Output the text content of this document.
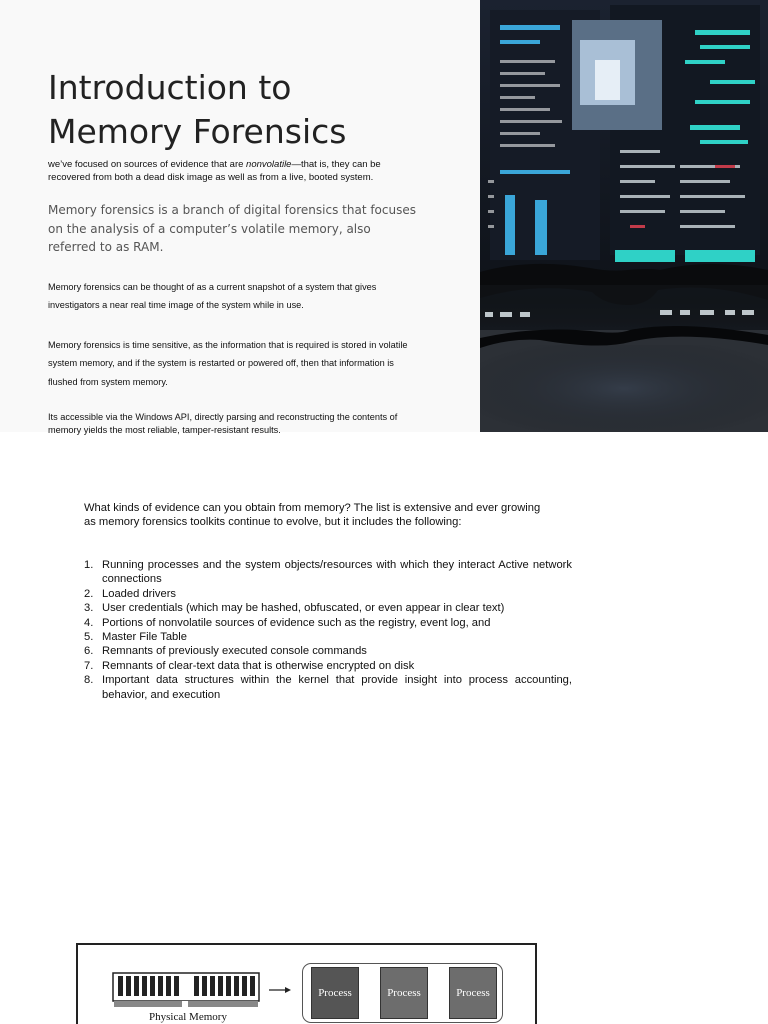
Introduction to
Memory Forensics

we’ve focused on sources of evidence that are nonvolatile—that is, they can be recovered from both a dead disk image as well as from a live, booted system.

Memory forensics is a branch of digital forensics that focuses on the analysis of a computer’s volatile memory, also referred to as RAM.

Memory forensics can be thought of as a current snapshot of a system that gives investigators a near real time image of the system while in use.

Memory forensics is time sensitive, as the information that is required is stored in volatile system memory, and if the system is restarted or powered off, then that information is flushed from system memory.

Its accessible via the Windows API, directly parsing and reconstructing the contents of memory yields the most reliable, tamper-resistant results.

What kinds of evidence can you obtain from memory? The list is extensive and ever growing as memory forensics toolkits continue to evolve, but it includes the following:

1. Running processes and the system objects/resources with which they interact Active network connections
2. Loaded drivers
3. User credentials (which may be hashed, obfuscated, or even appear in clear text)
4. Portions of nonvolatile sources of evidence such as the registry, event log, and
5. Master File Table
6. Remnants of previously executed console commands
7. Remnants of clear-text data that is otherwise encrypted on disk
8. Important data structures within the kernel that provide insight into process accounting, behavior, and execution
Physical Memory
Process	Process	Process
